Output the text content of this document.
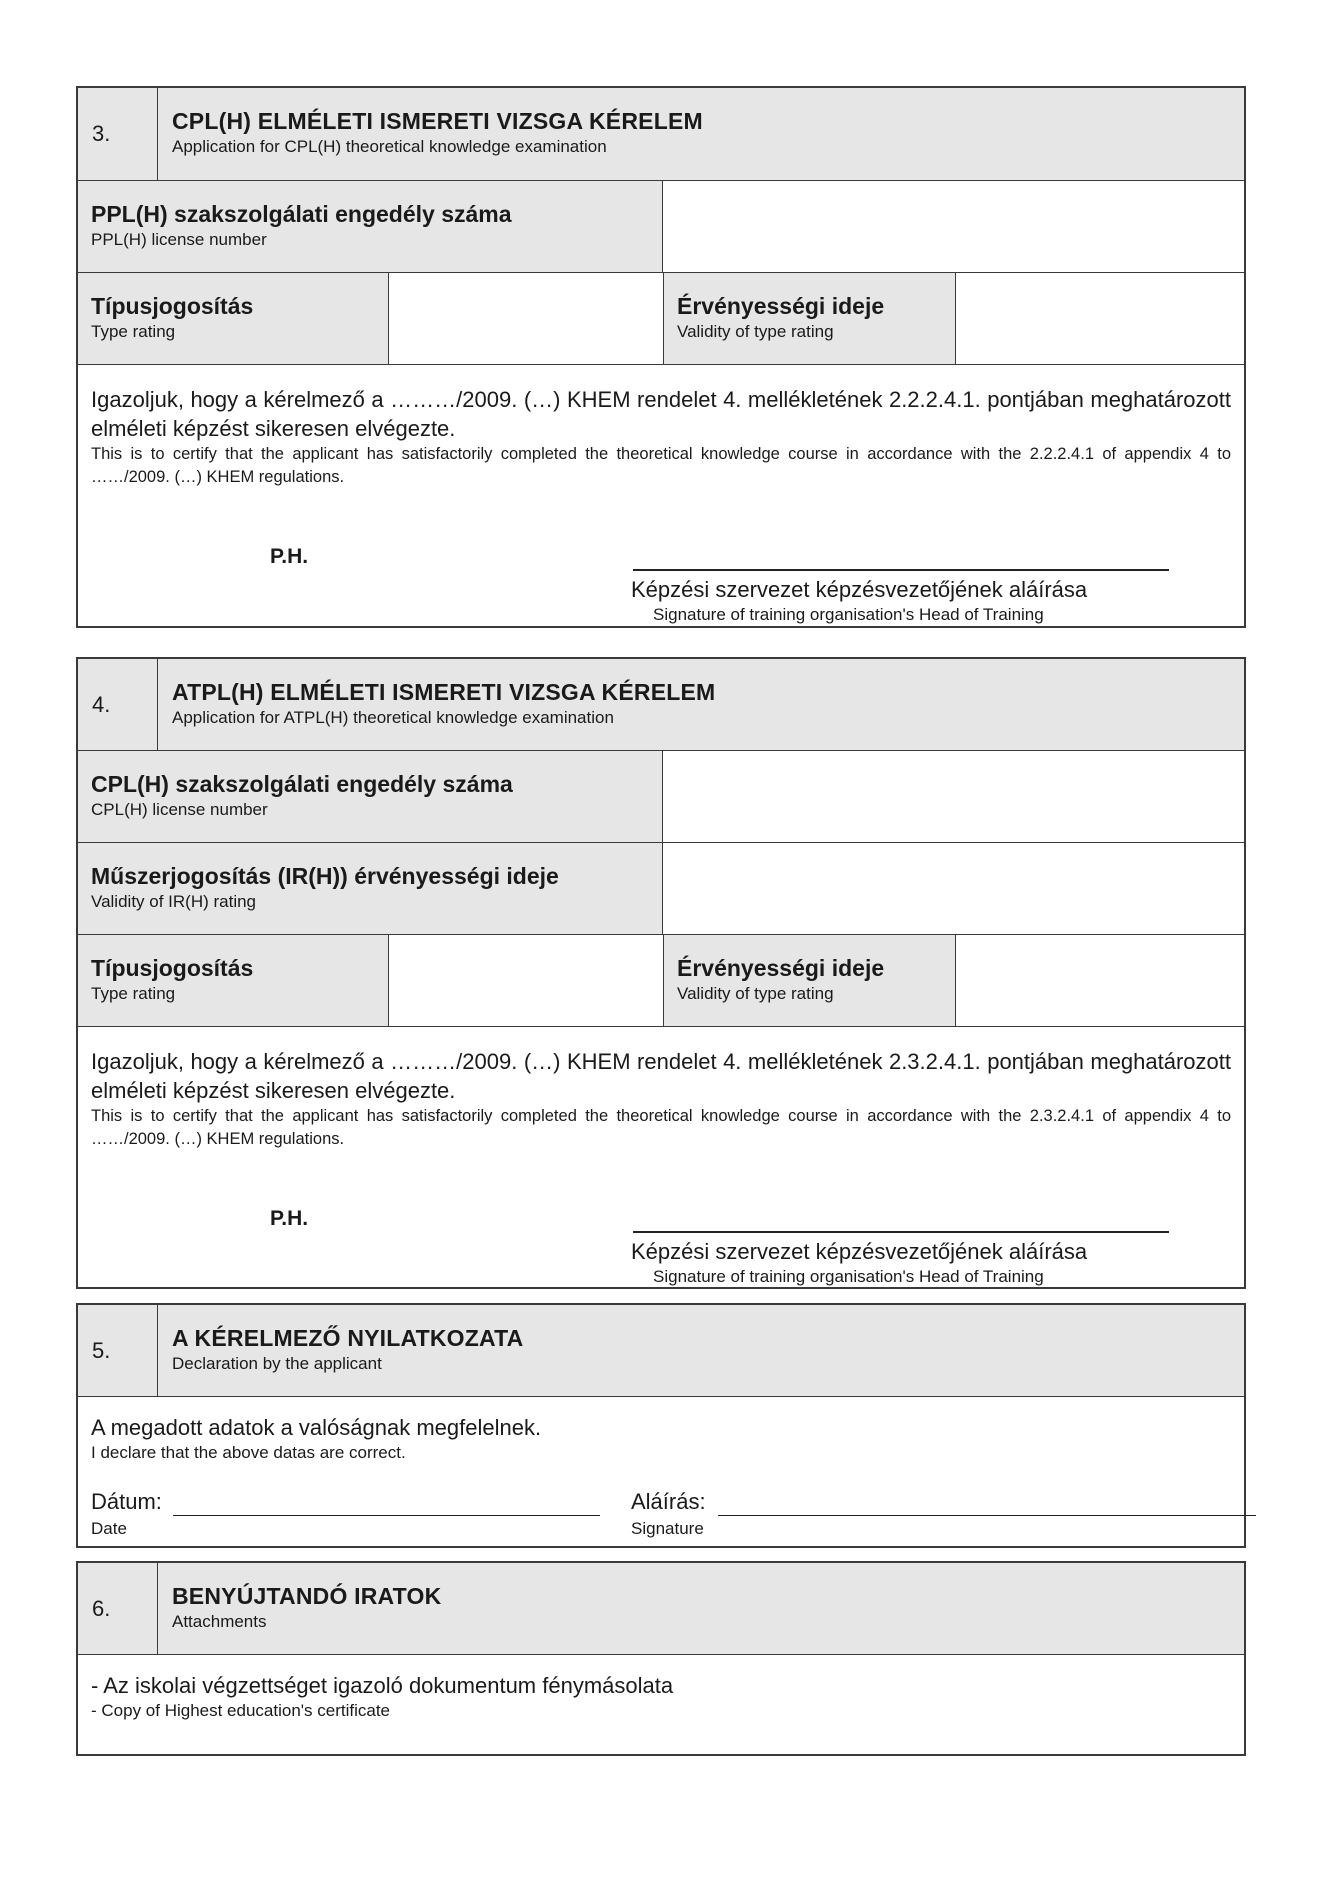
3.	CPL(H) ELMÉLETI ISMERETI VIZSGA KÉRELEM
Application for CPL(H) theoretical knowledge examination
PPL(H) szakszolgálati engedély száma
PPL(H) license number
Típusjogosítás
Type rating
Érvényességi ideje
Validity of type rating
Igazoljuk, hogy a kérelmező a ………/2009. (…) KHEM rendelet 4. mellékletének 2.2.2.4.1. pontjában meghatározott elméleti képzést sikeresen elvégezte.
This is to certify that the applicant has satisfactorily completed the theoretical knowledge course in accordance with the 2.2.2.4.1 of appendix 4 to ……/2009. (…) KHEM regulations.
P.H.
Képzési szervezet képzésvezetőjének aláírása
Signature of training organisation's Head of Training
4.	ATPL(H) ELMÉLETI ISMERETI VIZSGA KÉRELEM
Application for ATPL(H) theoretical knowledge examination
CPL(H) szakszolgálati engedély száma
CPL(H) license number
Műszerjogosítás (IR(H)) érvényességi ideje
Validity of IR(H) rating
Típusjogosítás
Type rating
Érvényességi ideje
Validity of type rating
Igazoljuk, hogy a kérelmező a ………/2009. (…) KHEM rendelet 4. mellékletének 2.3.2.4.1. pontjában meghatározott elméleti képzést sikeresen elvégezte.
This is to certify that the applicant has satisfactorily completed the theoretical knowledge course in accordance with the 2.3.2.4.1 of appendix 4 to ……/2009. (…) KHEM regulations.
P.H.
Képzési szervezet képzésvezetőjének aláírása
Signature of training organisation's Head of Training
5.	A KÉRELMEZŐ NYILATKOZATA
Declaration by the applicant
A megadott adatok a valóságnak megfelelnek.
I declare that the above datas are correct.
Dátum:
Date
Aláírás:
Signature
6.	BENYÚJTANDÓ IRATOK
Attachments
- Az iskolai végzettséget igazoló dokumentum fénymásolata
- Copy of Highest education's certificate
